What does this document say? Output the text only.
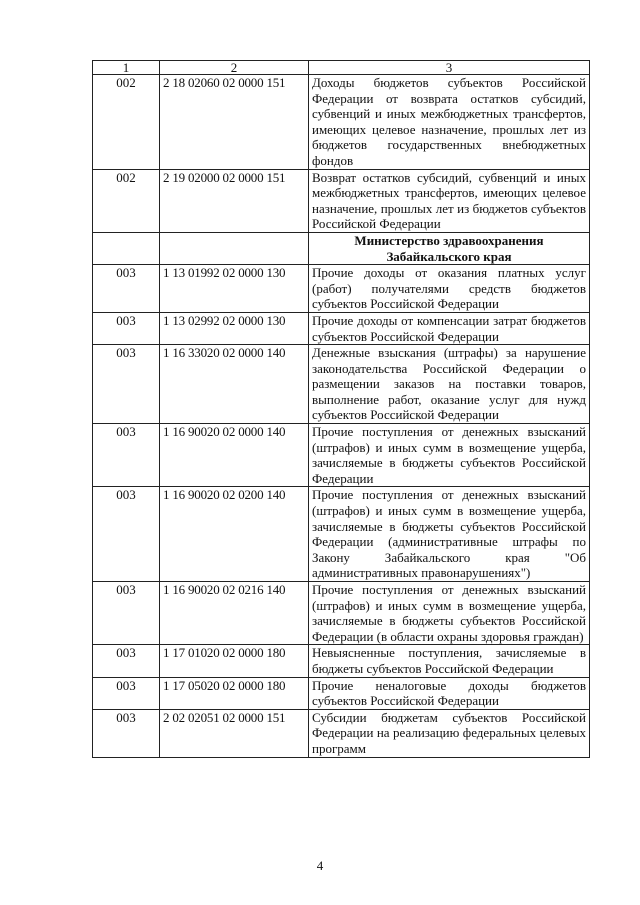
1	2	3
002	2 18 02060 02 0000 151	Доходы бюджетов субъектов Российской Федерации от возврата остатков субсидий, субвенций и иных межбюджетных трансфертов, имеющих целевое назначение, прошлых лет из бюджетов государственных внебюджетных фондов
002	2 19 02000 02 0000 151	Возврат остатков субсидий, субвенций и иных межбюджетных трансфертов, имеющих целевое назначение, прошлых лет из бюджетов субъектов Российской Федерации
		Министерство здравоохранения Забайкальского края
003	1 13 01992 02 0000 130	Прочие доходы от оказания платных услуг (работ) получателями средств бюджетов субъектов Российской Федерации
003	1 13 02992 02 0000 130	Прочие доходы от компенсации затрат бюджетов субъектов Российской Федерации
003	1 16 33020 02 0000 140	Денежные взыскания (штрафы) за нарушение законодательства Российской Федерации о размещении заказов на поставки товаров, выполнение работ, оказание услуг для нужд субъектов Российской Федерации
003	1 16 90020 02 0000 140	Прочие поступления от денежных взысканий (штрафов) и иных сумм в возмещение ущерба, зачисляемые в бюджеты субъектов Российской Федерации
003	1 16 90020 02 0200 140	Прочие поступления от денежных взысканий (штрафов) и иных сумм в возмещение ущерба, зачисляемые в бюджеты субъектов Российской Федерации (административные штрафы по Закону Забайкальского края "Об административных правонарушениях")
003	1 16 90020 02 0216 140	Прочие поступления от денежных взысканий (штрафов) и иных сумм в возмещение ущерба, зачисляемые в бюджеты субъектов Российской Федерации (в области охраны здоровья граждан)
003	1 17 01020 02 0000 180	Невыясненные поступления, зачисляемые в бюджеты субъектов Российской Федерации
003	1 17 05020 02 0000 180	Прочие неналоговые доходы бюджетов субъектов Российской Федерации
003	2 02 02051 02 0000 151	Субсидии бюджетам субъектов Российской Федерации на реализацию федеральных целевых программ
4
